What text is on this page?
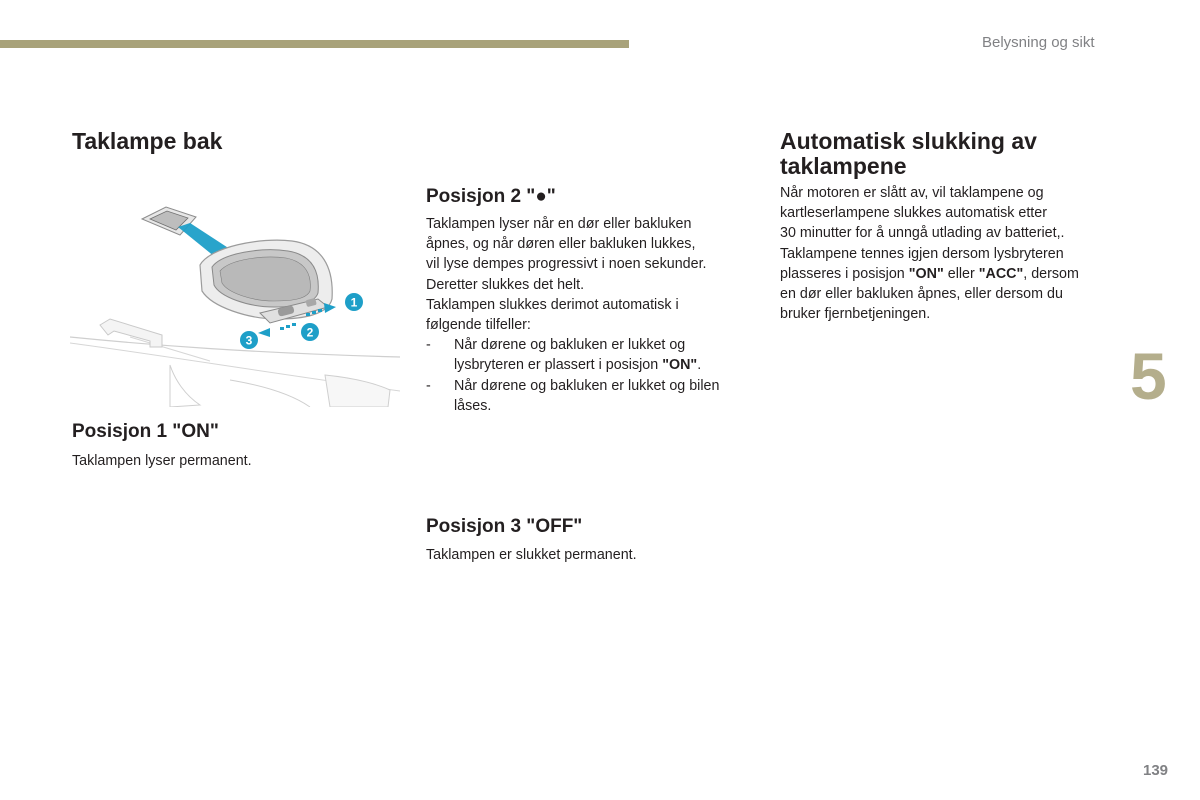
Belysning og sikt
Taklampe bak
1
2
3
Posisjon 1 "ON"

Taklampen lyser permanent.

Posisjon 2 "●"
Taklampen lyser når en dør eller bakluken
åpnes, og når døren eller bakluken lukkes,
vil lyse dempes progressivt i noen sekunder.
Deretter slukkes det helt.
Taklampen slukkes derimot automatisk i
følgende tilfeller:
-	Når dørene og bakluken er lukket og
lysbryteren er plassert i posisjon "ON".
-	Når dørene og bakluken er lukket og bilen
låses.
Posisjon 3 "OFF"

Taklampen er slukket permanent.

Automatisk slukking av
taklampene
Når motoren er slått av, vil taklampene og
kartleserlampene slukkes automatisk etter
30 minutter for å unngå utlading av batteriet,.
Taklampene tennes igjen dersom lysbryteren
plasseres i posisjon "ON" eller "ACC", dersom
en dør eller bakluken åpnes, eller dersom du
bruker fjernbetjeningen.
5
139
